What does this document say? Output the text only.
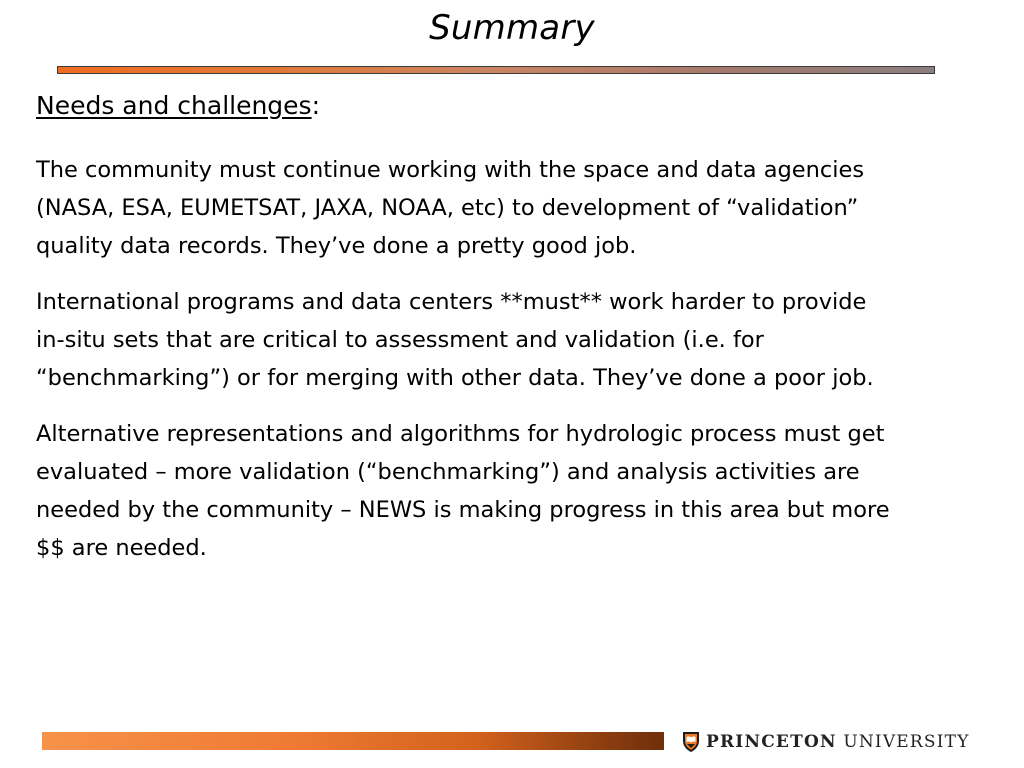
Summary
Needs and challenges:

The community must continue working with the space and data agencies
(NASA, ESA, EUMETSAT, JAXA, NOAA, etc) to development of “validation”
quality data records. They’ve done a pretty good job.

International programs and data centers **must** work harder to provide
in-situ sets that are critical to assessment and validation (i.e. for
“benchmarking”) or for merging with other data. They’ve done a poor job.

Alternative representations and algorithms for hydrologic process must get
evaluated – more validation (“benchmarking”) and analysis activities are
needed by the community – NEWS is making progress in this area but more
$$ are needed.

PRINCETON UNIVERSITY
